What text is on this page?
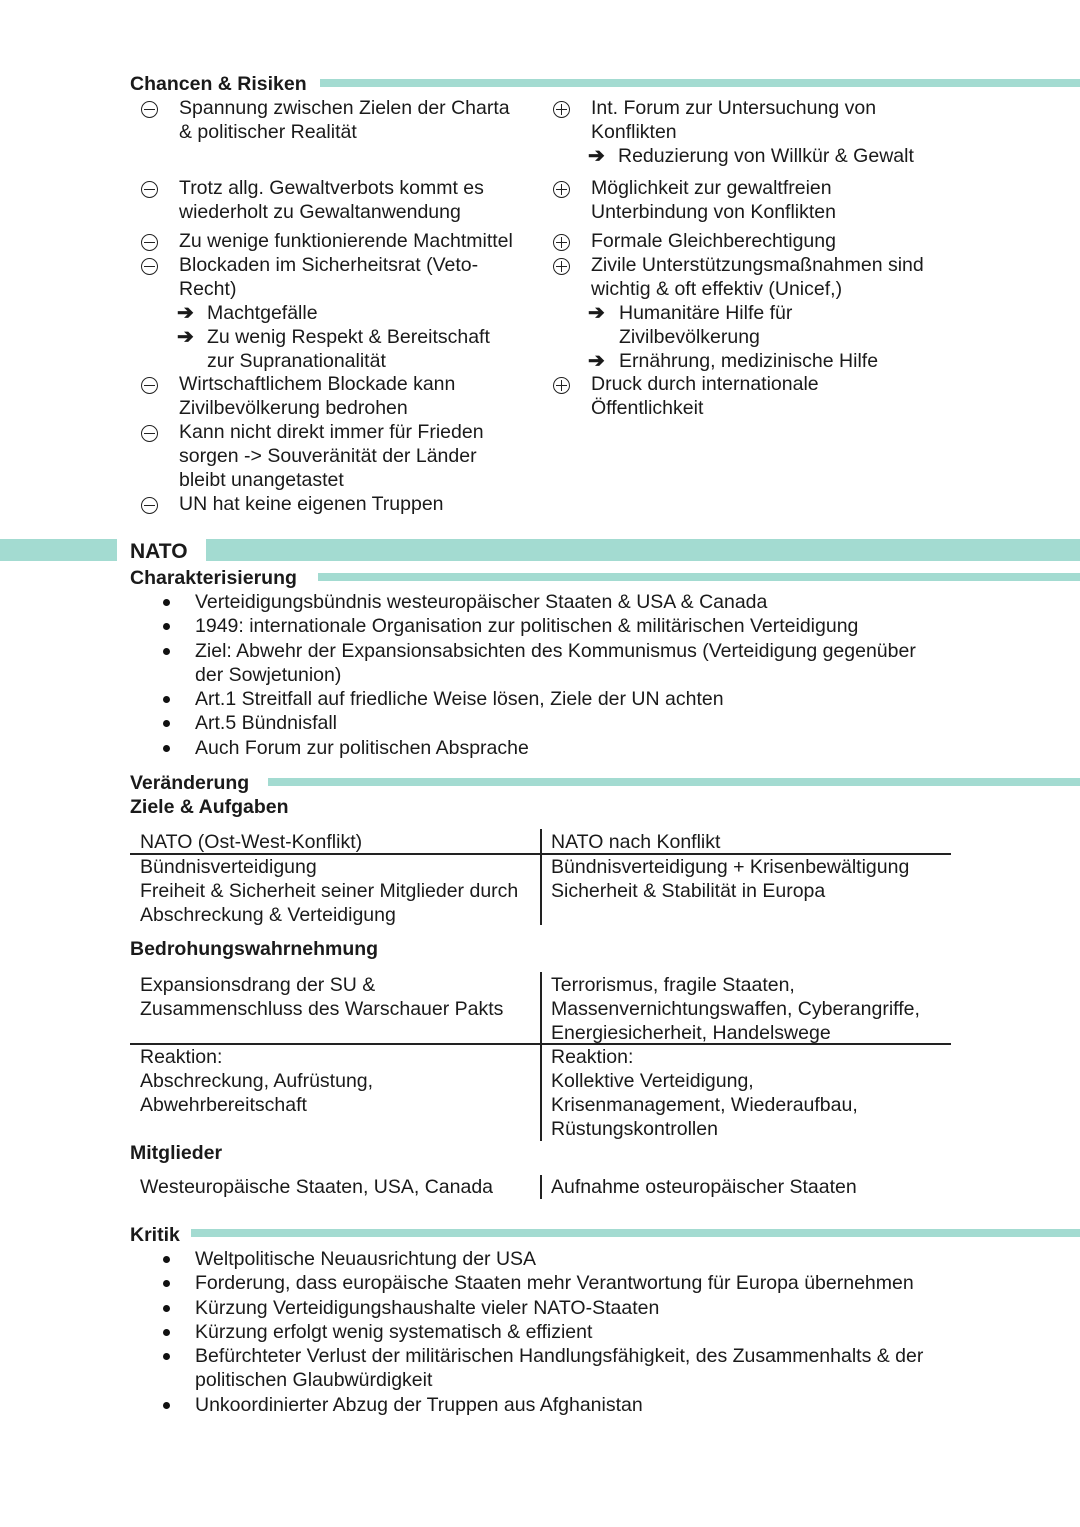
Chancen & Risiken
Spannung zwischen Zielen der Charta
& politischer Realität
Trotz allg. Gewaltverbots kommt es
wiederholt zu Gewaltanwendung
Zu wenige funktionierende Machtmittel
Blockaden im Sicherheitsrat (Veto-
Recht)
➔ Machtgefälle
➔ Zu wenig Respekt & Bereitschaft
zur Supranationalität
Wirtschaftlichem Blockade kann
Zivilbevölkerung bedrohen
Kann nicht direkt immer für Frieden
sorgen -> Souveränität der Länder
bleibt unangetastet
UN hat keine eigenen Truppen
Int. Forum zur Untersuchung von
Konflikten
➔ Reduzierung von Willkür & Gewalt
Möglichkeit zur gewaltfreien
Unterbindung von Konflikten
Formale Gleichberechtigung
Zivile Unterstützungsmaßnahmen sind
wichtig & oft effektiv (Unicef,)
➔ Humanitäre Hilfe für
Zivilbevölkerung
➔ Ernährung, medizinische Hilfe
Druck durch internationale
Öffentlichkeit
NATO
Charakterisierung
Verteidigungsbündnis westeuropäischer Staaten & USA & Canada
1949: internationale Organisation zur politischen & militärischen Verteidigung
Ziel: Abwehr der Expansionsabsichten des Kommunismus (Verteidigung gegenüber
der Sowjetunion)
Art.1 Streitfall auf friedliche Weise lösen, Ziele der UN achten
Art.5 Bündnisfall
Auch Forum zur politischen Absprache
Veränderung
Ziele & Aufgaben
NATO (Ost-West-Konflikt)	NATO nach Konflikt
Bündnisverteidigung
Freiheit & Sicherheit seiner Mitglieder durch
Abschreckung & Verteidigung
Bündnisverteidigung + Krisenbewältigung
Sicherheit & Stabilität in Europa
Bedrohungswahrnehmung
Expansionsdrang der SU &
Zusammenschluss des Warschauer Pakts
Terrorismus, fragile Staaten,
Massenvernichtungswaffen, Cyberangriffe,
Energiesicherheit, Handelswege
Reaktion:
Abschreckung, Aufrüstung,
Abwehrbereitschaft
Reaktion:
Kollektive Verteidigung,
Krisenmanagement, Wiederaufbau,
Rüstungskontrollen
Mitglieder
Westeuropäische Staaten, USA, Canada	Aufnahme osteuropäischer Staaten
Kritik
Weltpolitische Neuausrichtung der USA
Forderung, dass europäische Staaten mehr Verantwortung für Europa übernehmen
Kürzung Verteidigungshaushalte vieler NATO-Staaten
Kürzung erfolgt wenig systematisch & effizient
Befürchteter Verlust der militärischen Handlungsfähigkeit, des Zusammenhalts & der
politischen Glaubwürdigkeit
Unkoordinierter Abzug der Truppen aus Afghanistan
